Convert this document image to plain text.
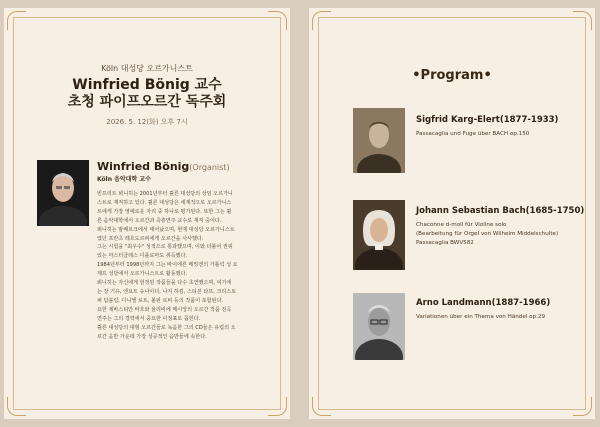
Köln 대성당 오르가니스트
Winfried Bönig 교수
초청 파이프오르간 독주회
2026. 5. 12(화) 오후 7시
Winfried Bönig(Organist)
Köln 음악대학 교수

빈프리트 뵈니히는 2001년부터 쾰른 대성당의 상임 오르가니

스트로 재직하고 있다. 쾰른 대성당은 세계적으로 오르가니스

트에게 가장 영예로운 자리 중 하나로 평가된다. 또한 그는 쾰

른 음악대학에서 오르간과 즉흥연주 교수로 재직 중이다.

뵈니히는 밤베르크에서 태어났으며, 현재 대성당 오르가니스트

였던 프란츠 레흐도르퍼에게 오르간을 사사했다.

그는 시험을 "최우수" 성적으로 통과했으며, 이와 더불어 권위

있는 마스터클래스 디플로마도 취득했다.

1984년부터 1998년까지 그는 바이에른 메밍겐의 가톨릭 성 요

제프 성당에서 오르가니스트로 활동했다.

뵈니히는 자신에게 헌정된 작품들을 다수 초연했으며, 여기에

는 장 기유, 엔요트 슈나이더, 나지 하킴, 스티븐 타프, 크리스토

퍼 텀블링, 디니엘 로트, 볼핀 로비 등의 작품이 포함된다.

요한 제바스티안 바흐와 율리비에 메시앙의 오르간 작품 전곡

연주는 그의 경력에서 중요한 이정표로 꼽힌다.

쾰른 대성당의 대형 오르간들로 녹음한 그의 CD들은 유럽의 오

르간 음반 가운데 가장 성공적인 음반들에 속한다.

•Program•
Sigfrid Karg-Elert(1877-1933)
Passacaglia und Fuge über BACH op.150
Johann Sebastian Bach(1685-1750)
Chaconne d-moll für Violine solo
(Bearbeitung für Orgel von Wilhelm Middelschulte)
Passacaglia BWV582
Arno Landmann(1887-1966)
Variationen über ein Thema von Händel op.29
